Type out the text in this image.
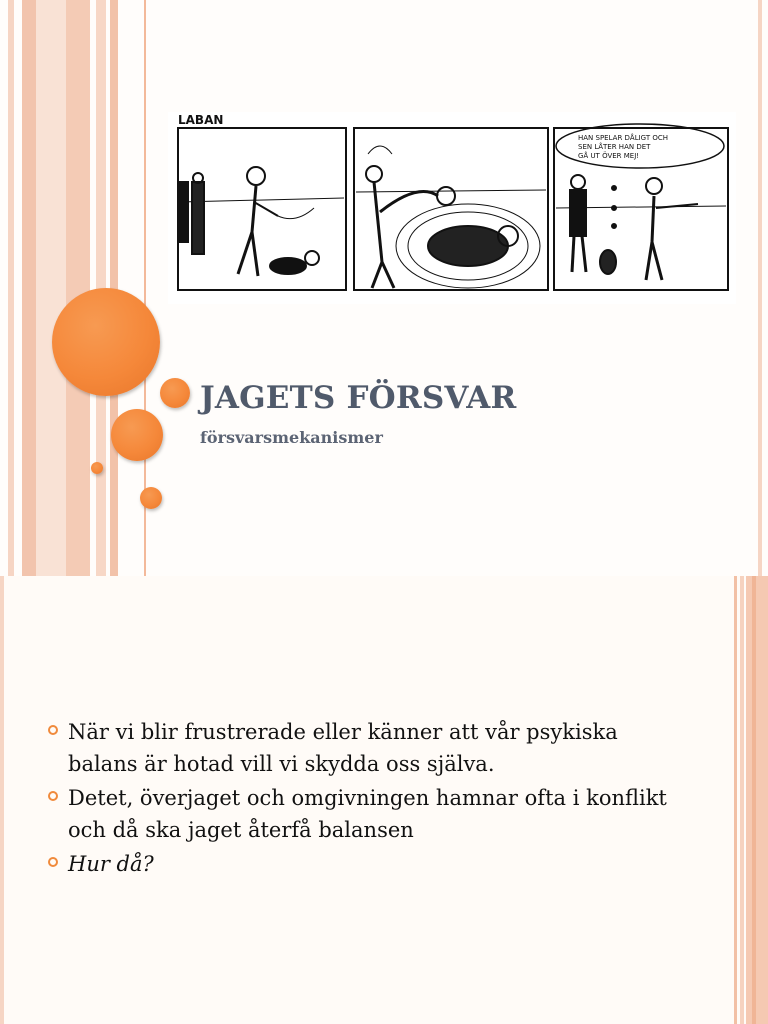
LABAN
HAN SPELAR DÅLIGT OCH SEN LÅTER HAN DET GÅ UT ÖVER MEJ!
JAGETS FÖRSVAR
försvarsmekanismer
När vi blir frustrerade eller känner att vår psykiska balans är hotad vill vi skydda oss själva.
Detet, överjaget och omgivningen hamnar ofta i konflikt och då ska jaget återfå balansen
Hur då?
